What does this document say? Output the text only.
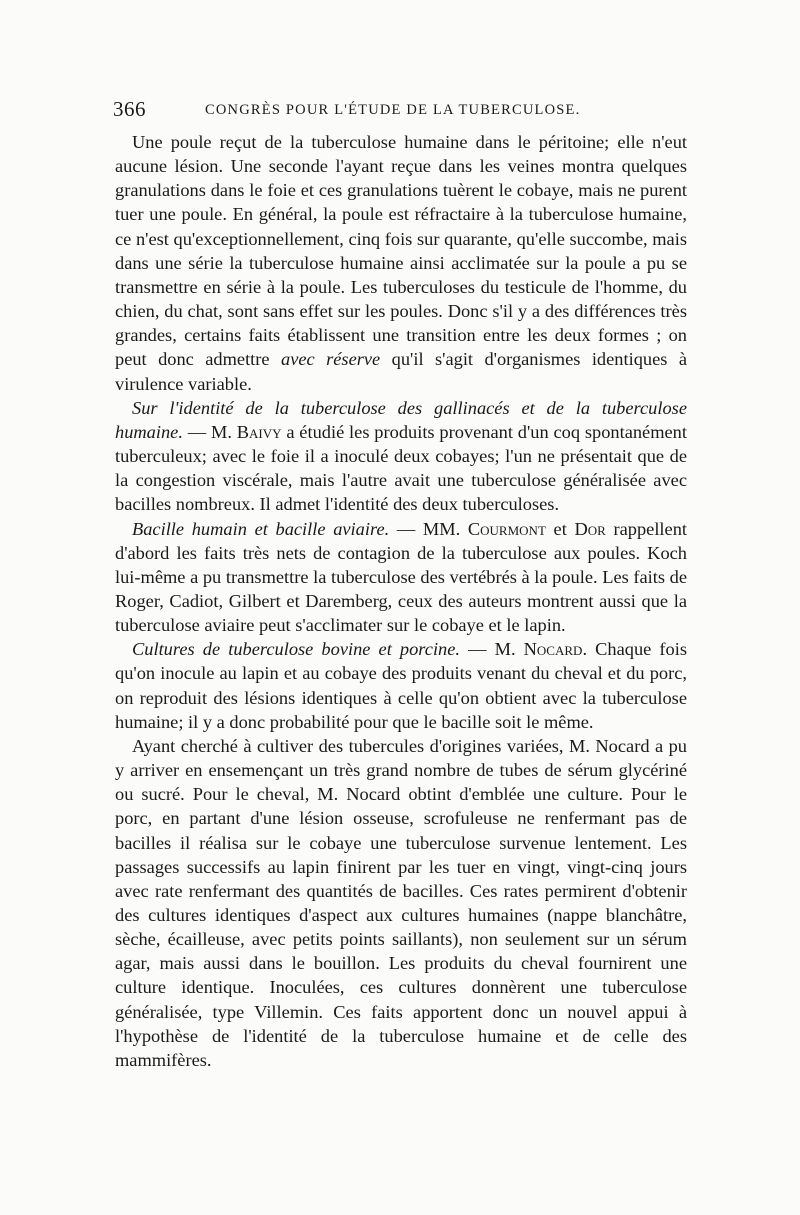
366	CONGRÈS POUR L'ÉTUDE DE LA TUBERCULOSE.

Une poule reçut de la tuberculose humaine dans le péritoine; elle n'eut aucune lésion. Une seconde l'ayant reçue dans les veines montra quelques granulations dans le foie et ces granulations tuèrent le cobaye, mais ne purent tuer une poule. En général, la poule est réfractaire à la tuberculose humaine, ce n'est qu'exceptionnellement, cinq fois sur quarante, qu'elle succombe, mais dans une série la tuberculose humaine ainsi acclimatée sur la poule a pu se transmettre en série à la poule. Les tuberculoses du testicule de l'homme, du chien, du chat, sont sans effet sur les poules. Donc s'il y a des différences très grandes, certains faits établissent une transition entre les deux formes ; on peut donc admettre avec réserve qu'il s'agit d'organismes identiques à virulence variable.

Sur l'identité de la tuberculose des gallinacés et de la tuberculose humaine. — M. Baivy a étudié les produits provenant d'un coq spontanément tuberculeux; avec le foie il a inoculé deux cobayes; l'un ne présentait que de la congestion viscérale, mais l'autre avait une tuberculose généralisée avec bacilles nombreux. Il admet l'identité des deux tuberculoses.

Bacille humain et bacille aviaire. — MM. Courmont et Dor rappellent d'abord les faits très nets de contagion de la tuberculose aux poules. Koch lui-même a pu transmettre la tuberculose des vertébrés à la poule. Les faits de Roger, Cadiot, Gilbert et Daremberg, ceux des auteurs montrent aussi que la tuberculose aviaire peut s'acclimater sur le cobaye et le lapin.

Cultures de tuberculose bovine et porcine. — M. Nocard. Chaque fois qu'on inocule au lapin et au cobaye des produits venant du cheval et du porc, on reproduit des lésions identiques à celle qu'on obtient avec la tuberculose humaine; il y a donc probabilité pour que le bacille soit le même.

Ayant cherché à cultiver des tubercules d'origines variées, M. Nocard a pu y arriver en ensemençant un très grand nombre de tubes de sérum glycériné ou sucré. Pour le cheval, M. Nocard obtint d'emblée une culture. Pour le porc, en partant d'une lésion osseuse, scrofuleuse ne renfermant pas de bacilles il réalisa sur le cobaye une tuberculose survenue lentement. Les passages successifs au lapin finirent par les tuer en vingt, vingt-cinq jours avec rate renfermant des quantités de bacilles. Ces rates permirent d'obtenir des cultures identiques d'aspect aux cultures humaines (nappe blanchâtre, sèche, écailleuse, avec petits points saillants), non seulement sur un sérum agar, mais aussi dans le bouillon. Les produits du cheval fournirent une culture identique. Inoculées, ces cultures donnèrent une tuberculose généralisée, type Villemin. Ces faits apportent donc un nouvel appui à l'hypothèse de l'identité de la tuberculose humaine et de celle des mammifères.
